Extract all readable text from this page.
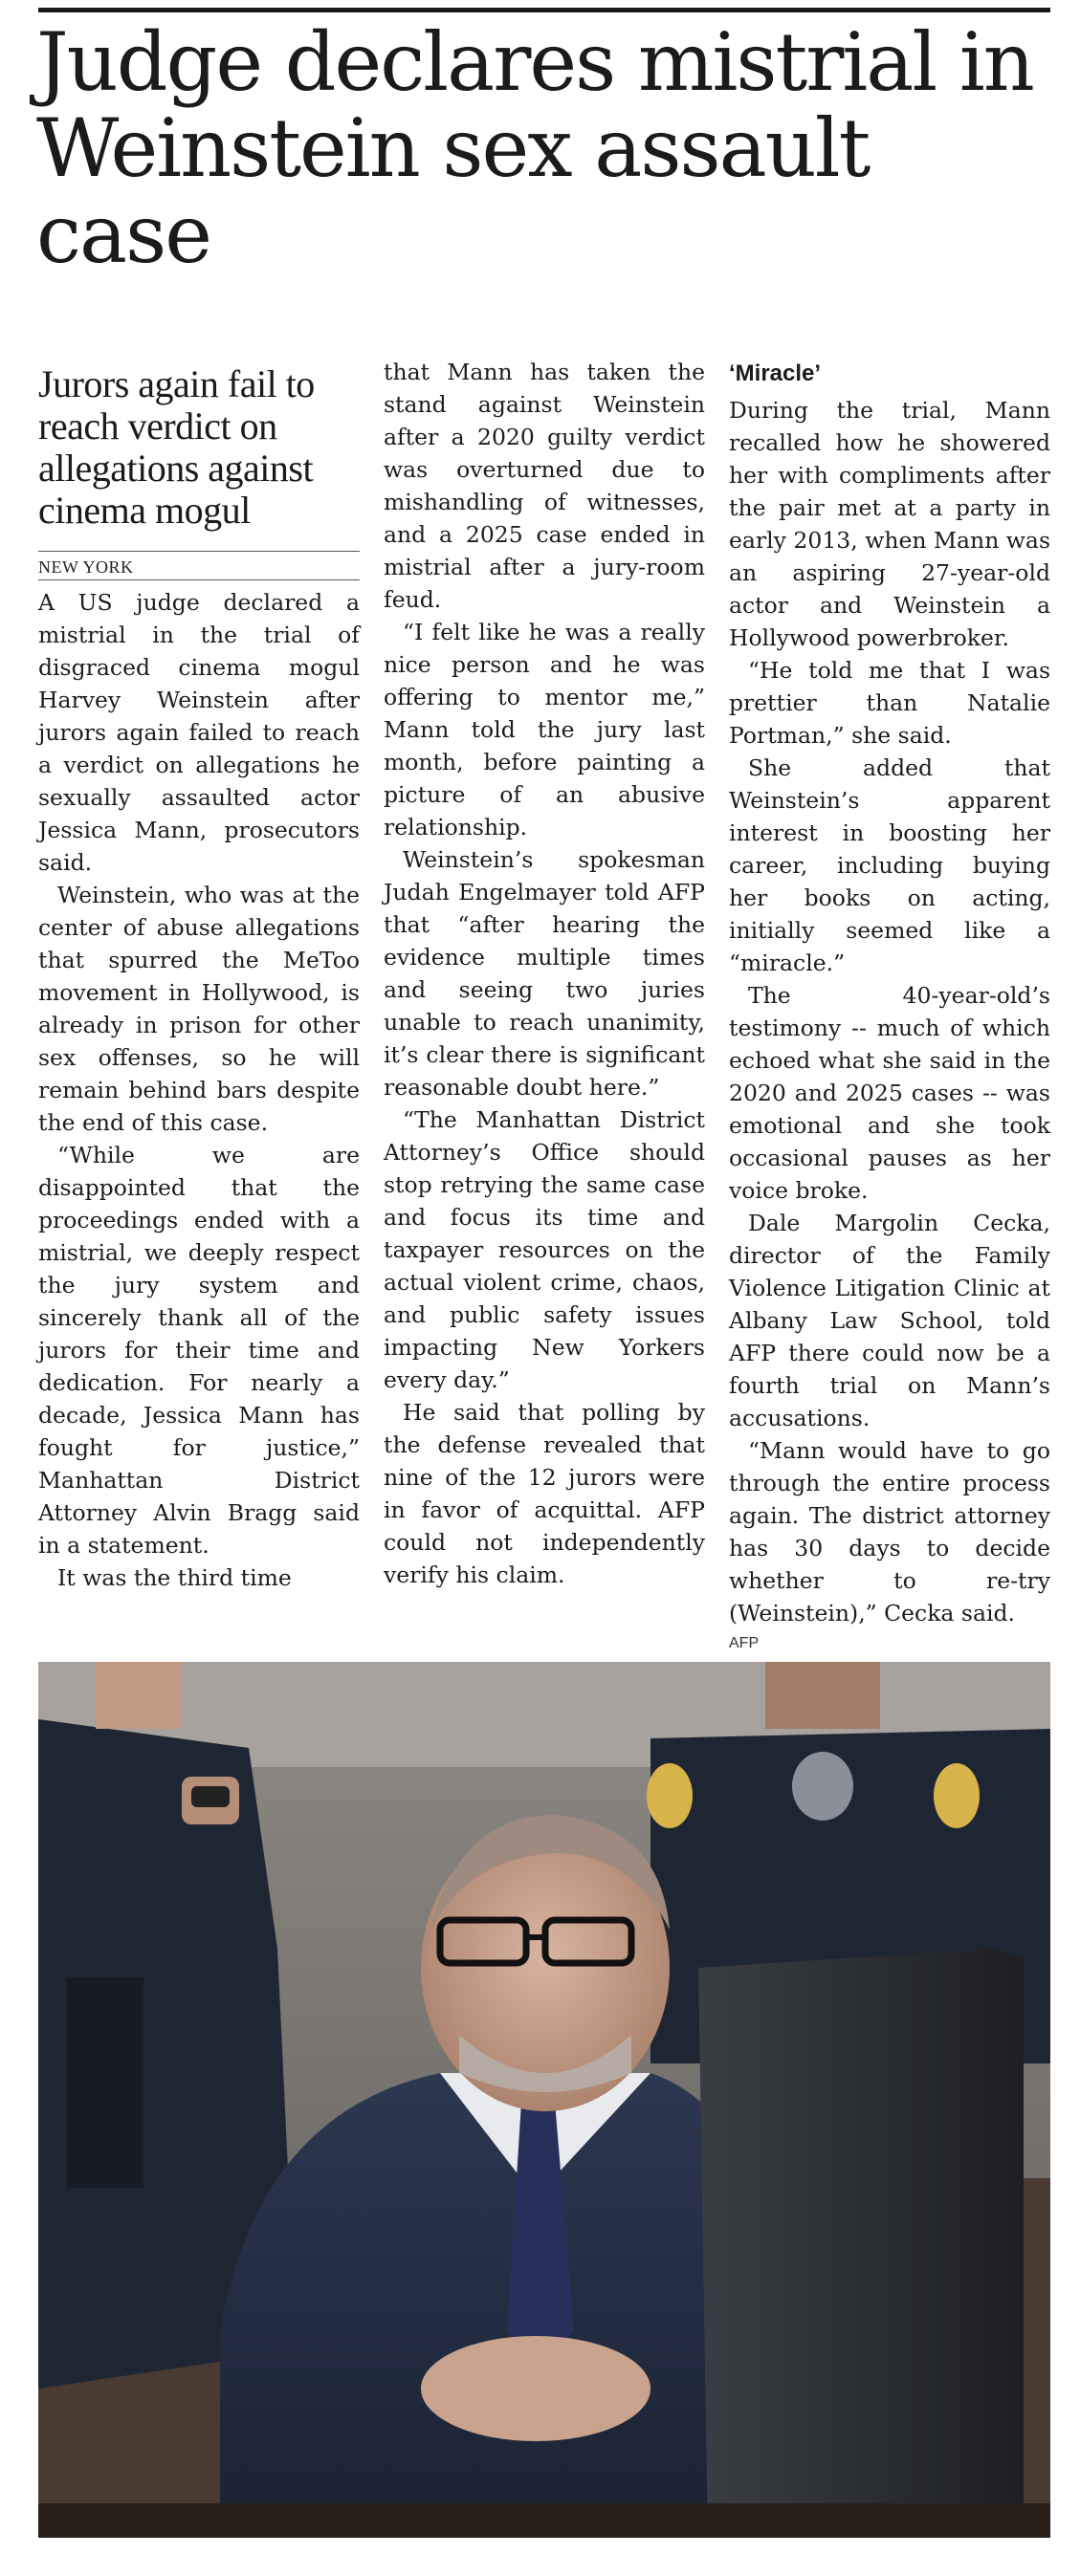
Judge declares mistrial in Weinstein sex assault case
Jurors again fail to reach verdict on allegations against cinema mogul
NEW YORK

A US judge declared a mistrial in the trial of disgraced cinema mogul Harvey Weinstein after jurors again failed to reach a verdict on allegations he sexually assaulted actor Jessica Mann, prosecutors said.

Weinstein, who was at the center of abuse allegations that spurred the MeToo movement in Hollywood, is already in prison for other sex offenses, so he will remain behind bars despite the end of this case.

“While we are disappointed that the proceedings ended with a mistrial, we deeply respect the jury system and sincerely thank all of the jurors for their time and dedication. For nearly a decade, Jessica Mann has fought for justice,” Manhattan District Attorney Alvin Bragg said in a statement.

It was the third time

that Mann has taken the stand against Weinstein after a 2020 guilty verdict was overturned due to mishandling of witnesses, and a 2025 case ended in mistrial after a jury-room feud.

“I felt like he was a really nice person and he was offering to mentor me,” Mann told the jury last month, before painting a picture of an abusive relationship.

Weinstein’s spokesman Judah Engelmayer told AFP that “after hearing the evidence multiple times and seeing two juries unable to reach unanimity, it’s clear there is significant reasonable doubt here.”

“The Manhattan District Attorney’s Office should stop retrying the same case and focus its time and taxpayer resources on the actual violent crime, chaos, and public safety issues impacting New Yorkers every day.”

He said that polling by the defense revealed that nine of the 12 jurors were in favor of acquittal. AFP could not independently verify his claim.

‘Miracle’

During the trial, Mann recalled how he showered her with compliments after the pair met at a party in early 2013, when Mann was an aspiring 27-year-old actor and Weinstein a Hollywood powerbroker.

“He told me that I was prettier than Natalie Portman,” she said.

She added that Weinstein’s apparent interest in boosting her career, including buying her books on acting, initially seemed like a “miracle.”

The 40-year-old’s testimony -- much of which echoed what she said in the 2020 and 2025 cases -- was emotional and she took occasional pauses as her voice broke.

Dale Margolin Cecka, director of the Family Violence Litigation Clinic at Albany Law School, told AFP there could now be a fourth trial on Mann’s accusations.

“Mann would have to go through the entire process again. The district attorney has 30 days to decide whether to re-try (Weinstein),” Cecka said.

AFP
